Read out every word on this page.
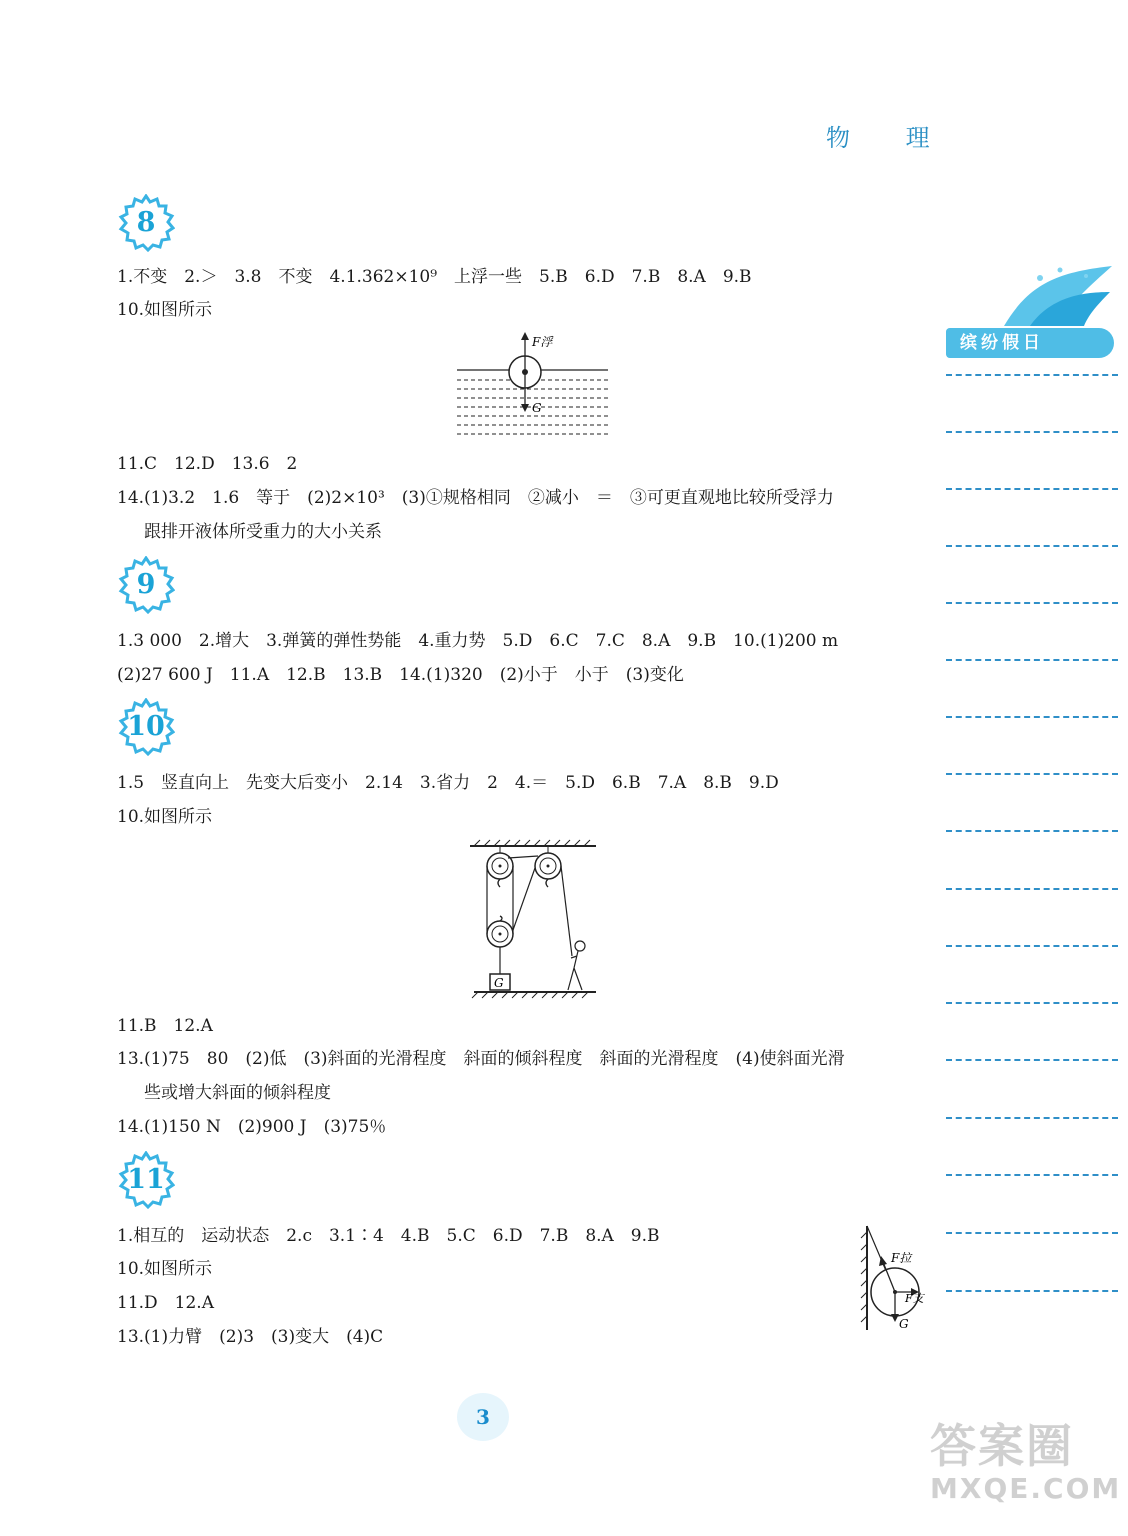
物 理
缤纷假日
8
1.不变　2.＞　3.8　不变　4.1.362×10⁹　上浮一些　5.B　6.D　7.B　8.A　9.B
10.如图所示
F浮
G
11.C　12.D　13.6　2
14.(1)3.2　1.6　等于　(2)2×10³　(3)①规格相同　②减小　＝　③可更直观地比较所受浮力
跟排开液体所受重力的大小关系
9
1.3 000　2.增大　3.弹簧的弹性势能　4.重力势　5.D　6.C　7.C　8.A　9.B　10.(1)200 m
(2)27 600 J　11.A　12.B　13.B　14.(1)320　(2)小于　小于　(3)变化
10
1.5　竖直向上　先变大后变小　2.14　3.省力　2　4.＝　5.D　6.B　7.A　8.B　9.D
10.如图所示
G
11.B　12.A
13.(1)75　80　(2)低　(3)斜面的光滑程度　斜面的倾斜程度　斜面的光滑程度　(4)使斜面光滑
些或增大斜面的倾斜程度
14.(1)150 N　(2)900 J　(3)75％
11
1.相互的　运动状态　2.c　3.1∶4　4.B　5.C　6.D　7.B　8.A　9.B
10.如图所示
11.D　12.A
13.(1)力臂　(2)3　(3)变大　(4)C
F拉
F支
G
3
答案圈
MXQE.COM
